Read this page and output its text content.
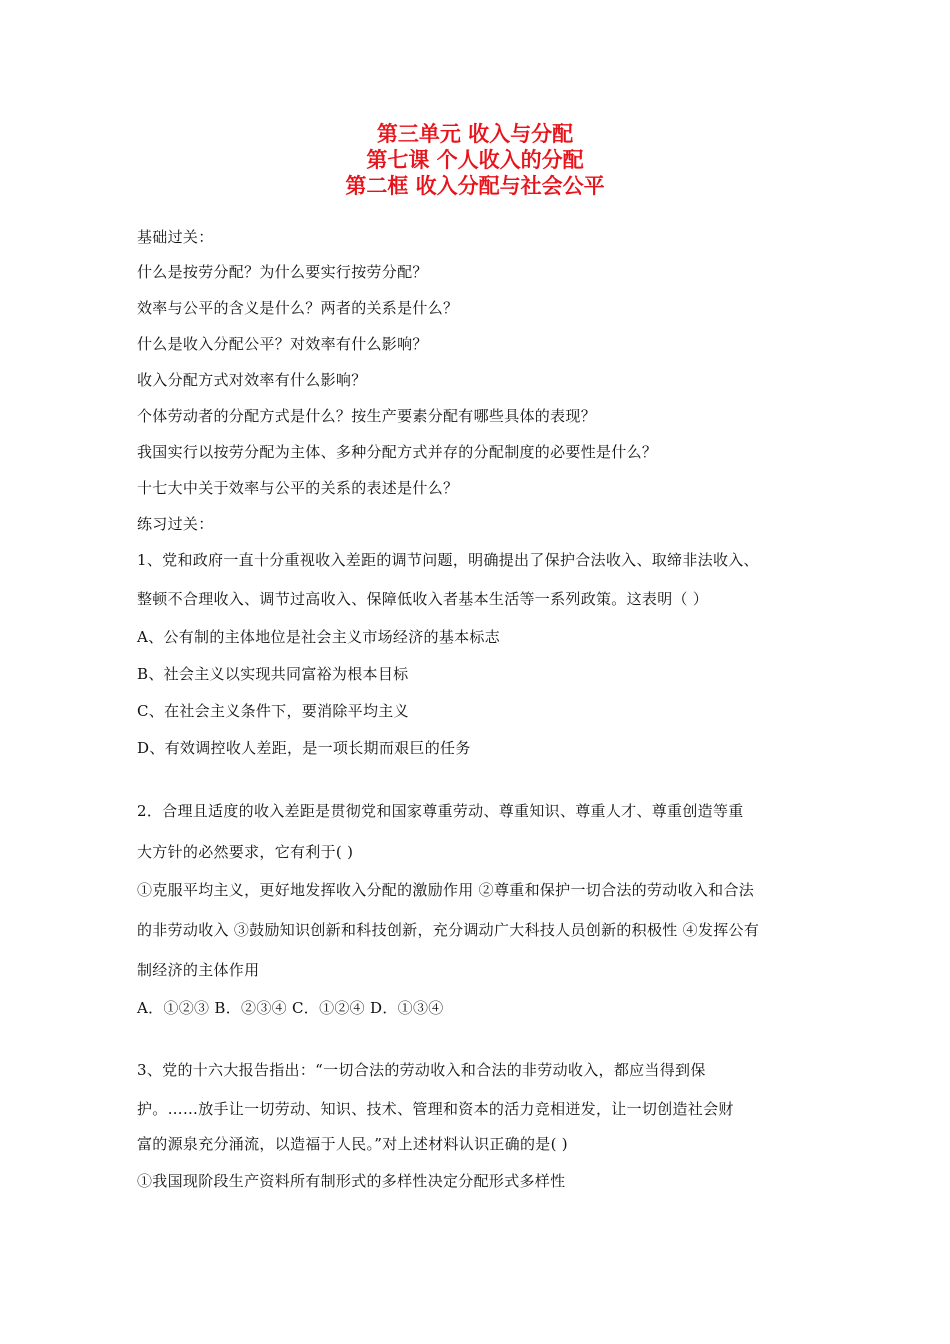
第三单元 收入与分配
第七课 个人收入的分配
第二框 收入分配与社会公平
基础过关：
什么是按劳分配？为什么要实行按劳分配？
效率与公平的含义是什么？两者的关系是什么？
什么是收入分配公平？对效率有什么影响？
收入分配方式对效率有什么影响？
个体劳动者的分配方式是什么？按生产要素分配有哪些具体的表现？
我国实行以按劳分配为主体、多种分配方式并存的分配制度的必要性是什么？
十七大中关于效率与公平的关系的表述是什么？
练习过关：
1、党和政府一直十分重视收入差距的调节问题，明确提出了保护合法收入、取缔非法收入、
整顿不合理收入、调节过高收入、保障低收入者基本生活等一系列政策。这表明（ ）
A、公有制的主体地位是社会主义市场经济的基本标志
B、社会主义以实现共同富裕为根本目标
C、在社会主义条件下，要消除平均主义
D、有效调控收人差距，是一项长期而艰巨的任务
2．合理且适度的收入差距是贯彻党和国家尊重劳动、尊重知识、尊重人才、尊重创造等重
大方针的必然要求，它有利于( )
①克服平均主义，更好地发挥收入分配的激励作用 ②尊重和保护一切合法的劳动收入和合法
的非劳动收入 ③鼓励知识创新和科技创新，充分调动广大科技人员创新的积极性 ④发挥公有
制经济的主体作用
A．①②③ B．②③④ C．①②④ D．①③④
3、党的十六大报告指出：“一切合法的劳动收入和合法的非劳动收入，都应当得到保
护。……放手让一切劳动、知识、技术、管理和资本的活力竞相迸发，让一切创造社会财
富的源泉充分涌流，以造福于人民。”对上述材料认识正确的是( )
①我国现阶段生产资料所有制形式的多样性决定分配形式多样性
